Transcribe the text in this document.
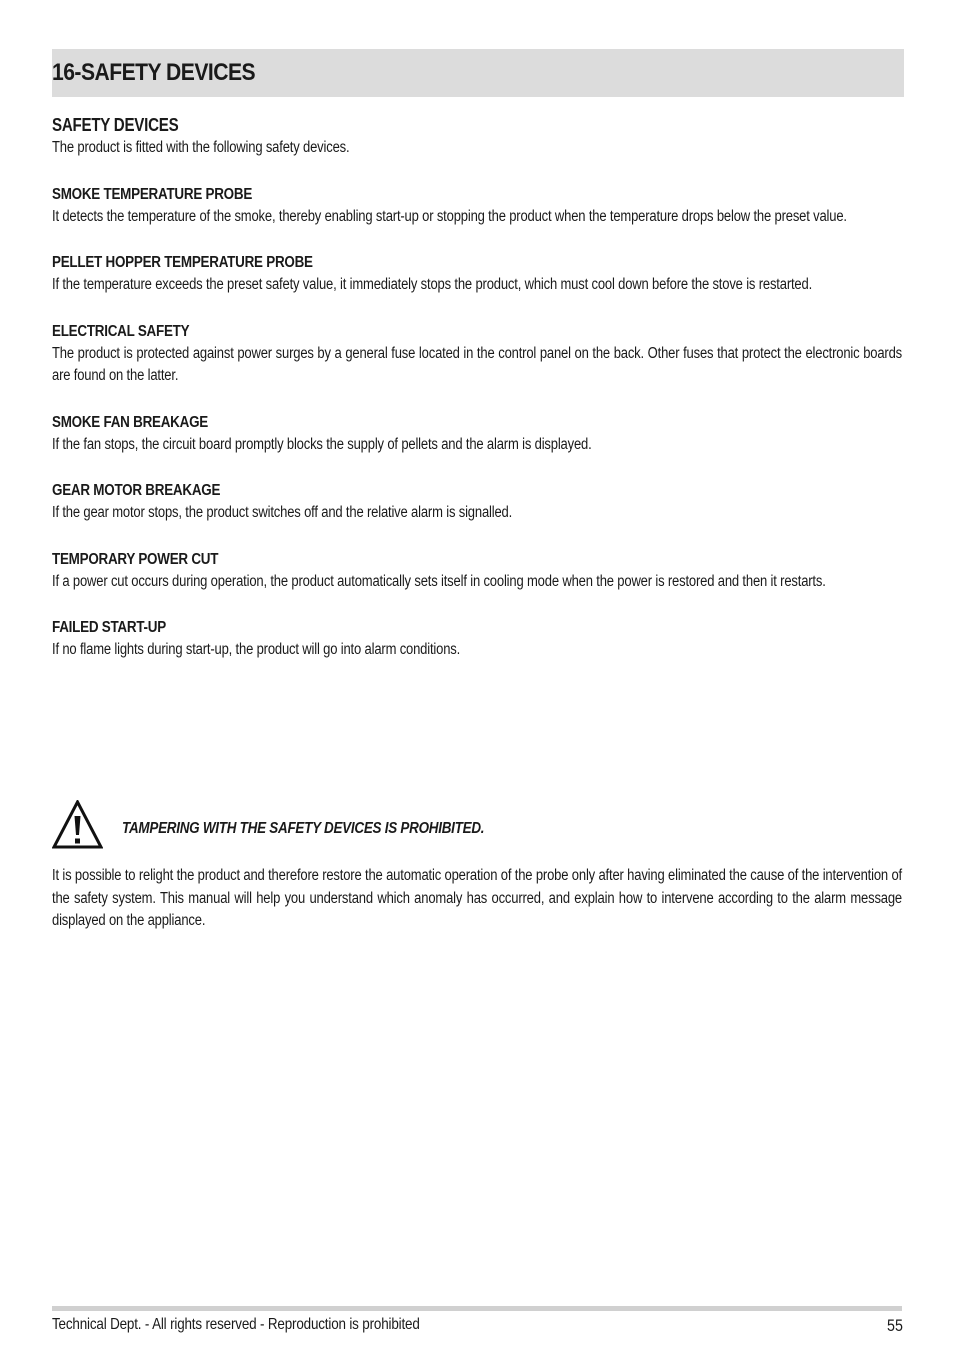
16-SAFETY DEVICES
SAFETY DEVICES

The product is fitted with the following safety devices.

SMOKE TEMPERATURE PROBE

It detects the temperature of the smoke, thereby enabling start-up or stopping the product when the temperature drops below the preset value.

PELLET HOPPER TEMPERATURE PROBE

If the temperature exceeds the preset safety value, it immediately stops the product, which must cool down before the stove is restarted.

ELECTRICAL SAFETY

The product is protected against power surges by a general fuse located in the control panel on the back. Other fuses that protect the electronic boards are found on the latter.

SMOKE FAN BREAKAGE

If the fan stops, the circuit board promptly blocks the supply of pellets and the alarm is displayed.

GEAR MOTOR BREAKAGE

If the gear motor stops, the product switches off and the relative alarm is signalled.

TEMPORARY POWER CUT

If a power cut occurs during operation, the product automatically sets itself in cooling mode when the power is restored and then it restarts.

FAILED START-UP

If no flame lights during start-up, the product will go into alarm conditions.

TAMPERING WITH THE SAFETY DEVICES IS PROHIBITED.

It is possible to relight the product and therefore restore the automatic operation of the probe only after having eliminated the cause of the intervention of the safety system. This manual will help you understand which anomaly has occurred, and explain how to intervene according to the alarm message displayed on the appliance.

Technical Dept. - All rights reserved - Reproduction is prohibited	55
